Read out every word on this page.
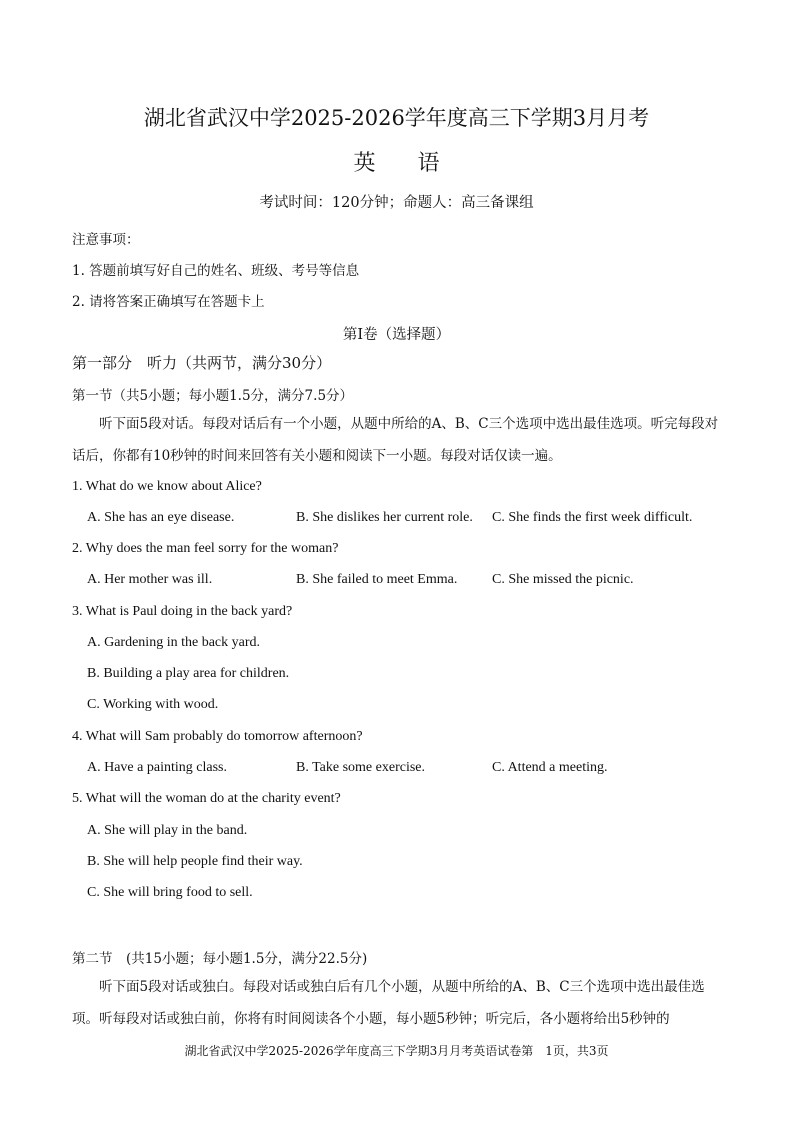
湖北省武汉中学2025-2026学年度高三下学期3月月考
英 语
考试时间：120分钟；命题人：高三备课组
注意事项：
1. 答题前填写好自己的姓名、班级、考号等信息
2. 请将答案正确填写在答题卡上
第I卷（选择题）
第一部分　听力（共两节，满分30分）
第一节（共5小题；每小题1.5分，满分7.5分）
听下面5段对话。每段对话后有一个小题，从题中所给的A、B、C三个选项中选出最佳选项。听完每段对话后，你都有10秒钟的时间来回答有关小题和阅读下一小题。每段对话仅读一遍。
1. What do we know about Alice?
A. She has an eye disease.	B. She dislikes her current role. C. She finds the first week difficult.
2. Why does the man feel sorry for the woman?
A. Her mother was ill.	B. She failed to meet Emma. C. She missed the picnic.
3. What is Paul doing in the back yard?
A. Gardening in the back yard.
B. Building a play area for children.
C. Working with wood.
4. What will Sam probably do tomorrow afternoon?
A. Have a painting class.	B. Take some exercise.	C. Attend a meeting.
5. What will the woman do at the charity event?
A. She will play in the band.
B. She will help people find their way.
C. She will bring food to sell.
第二节　(共15小题；每小题1.5分，满分22.5分)
听下面5段对话或独白。每段对话或独白后有几个小题，从题中所给的A、B、C三个选项中选出最佳选项。听每段对话或独白前，你将有时间阅读各个小题，每小题5秒钟；听完后，各小题将给出5秒钟的
湖北省武汉中学2025-2026学年度高三下学期3月月考英语试卷第　1页，共3页
